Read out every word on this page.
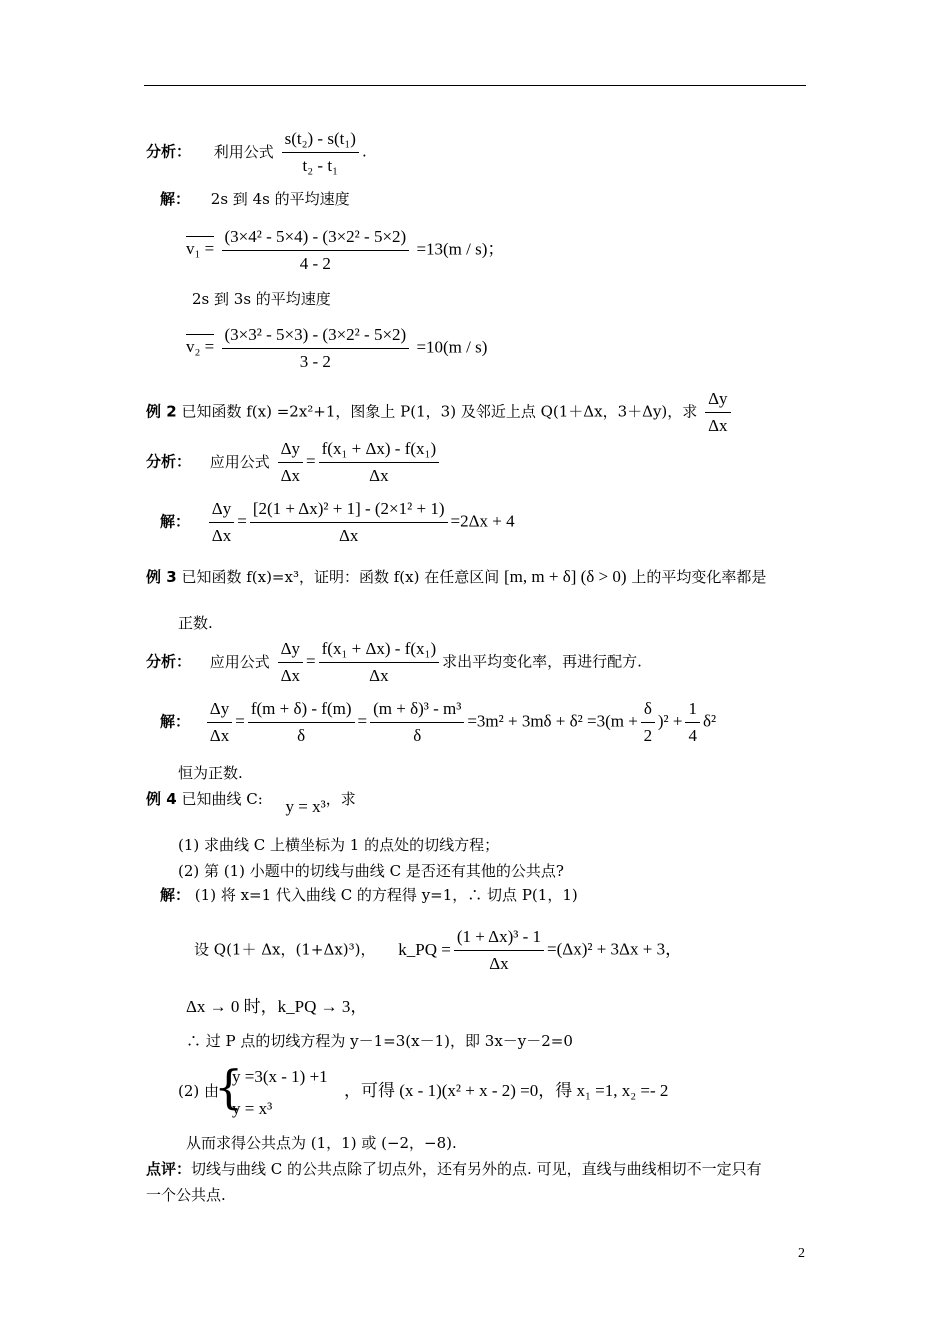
分析： 利用公式 $\frac{\text{s(t₂) - s(t₁)}}{\text{t₂ - t₁}}$ .
解： 2s 到 4s 的平均速度
$v_1 = \frac{\text{(3×4² - 5×4) - (3×2² - 5×2)}}{4 - 2} =13(m / s)$；
2s 到 3s 的平均速度
$v_2 = \frac{\text{(3×3² - 5×3) - (3×2² - 5×2)}}{3 - 2} =10(m / s)$
例 2 已知函数 f(x) =2x²+1，图象上 P(1，3) 及邻近上点 Q(1＋Δx，3＋Δy)，求 $\frac{\Delta y}{\Delta x}$
分析： 应用公式 $\frac{\Delta y}{\Delta x} = \frac{\text{f(x₁ + Δx) - f(x₁)}}{\Delta x}$
解： $\frac{\Delta y}{\Delta x} = \frac{\text{[2(1 + Δx)² + 1] - (2×1² + 1)}}{\Delta x} =2\Delta x + 4$
例 3 已知函数 f(x)=x³，证明：函数 f(x) 在任意区间 [m, m + δ] (δ > 0) 上的平均变化率都是
正数.
分析： 应用公式 $\frac{\Delta y}{\Delta x} = \frac{\text{f(x₁ + Δx) - f(x₁)}}{\Delta x}$ 求出平均变化率，再进行配方.
解： $\frac{\Delta y}{\Delta x} = \frac{f(m + \delta) - f(m)}{\delta} = \frac{\text{(m + δ)³ - m³}}{\delta} =3m^2 + 3m\delta + \delta^2 =3(m + \frac{\delta}{2} )^2 + \frac{1}{4} \delta^2$
恒为正数.
例 4 已知曲线 C: y = x³，求
(1) 求曲线 C 上横坐标为 1 的点处的切线方程；
(2) 第 (1) 小题中的切线与曲线 C 是否还有其他的公共点?
解： (1) 将 x=1 代入曲线 C 的方程得 y=1，∴ 切点 P(1，1)
设 Q(1＋ Δx，(1+Δx)³)， k_PQ = $\frac{\text{(1 + Δx)³ - 1}}{\Delta x} =(\Delta x)^2 + 3\Delta x + 3$，
Δx → 0 时，k_PQ → 3，
∴ 过 P 点的切线方程为 y－1=3(x－1)，即 3x－y－2=0
(2) 由
{
y =3(x - 1) +1
y = x³
，可得 (x - 1)(x² + x - 2) =0，得 x₁ =1, x₂ =- 2
从而求得公共点为 (1，1) 或 (−2，−8).
点评：切线与曲线 C 的公共点除了切点外，还有另外的点. 可见，直线与曲线相切不一定只有
一个公共点.
2
